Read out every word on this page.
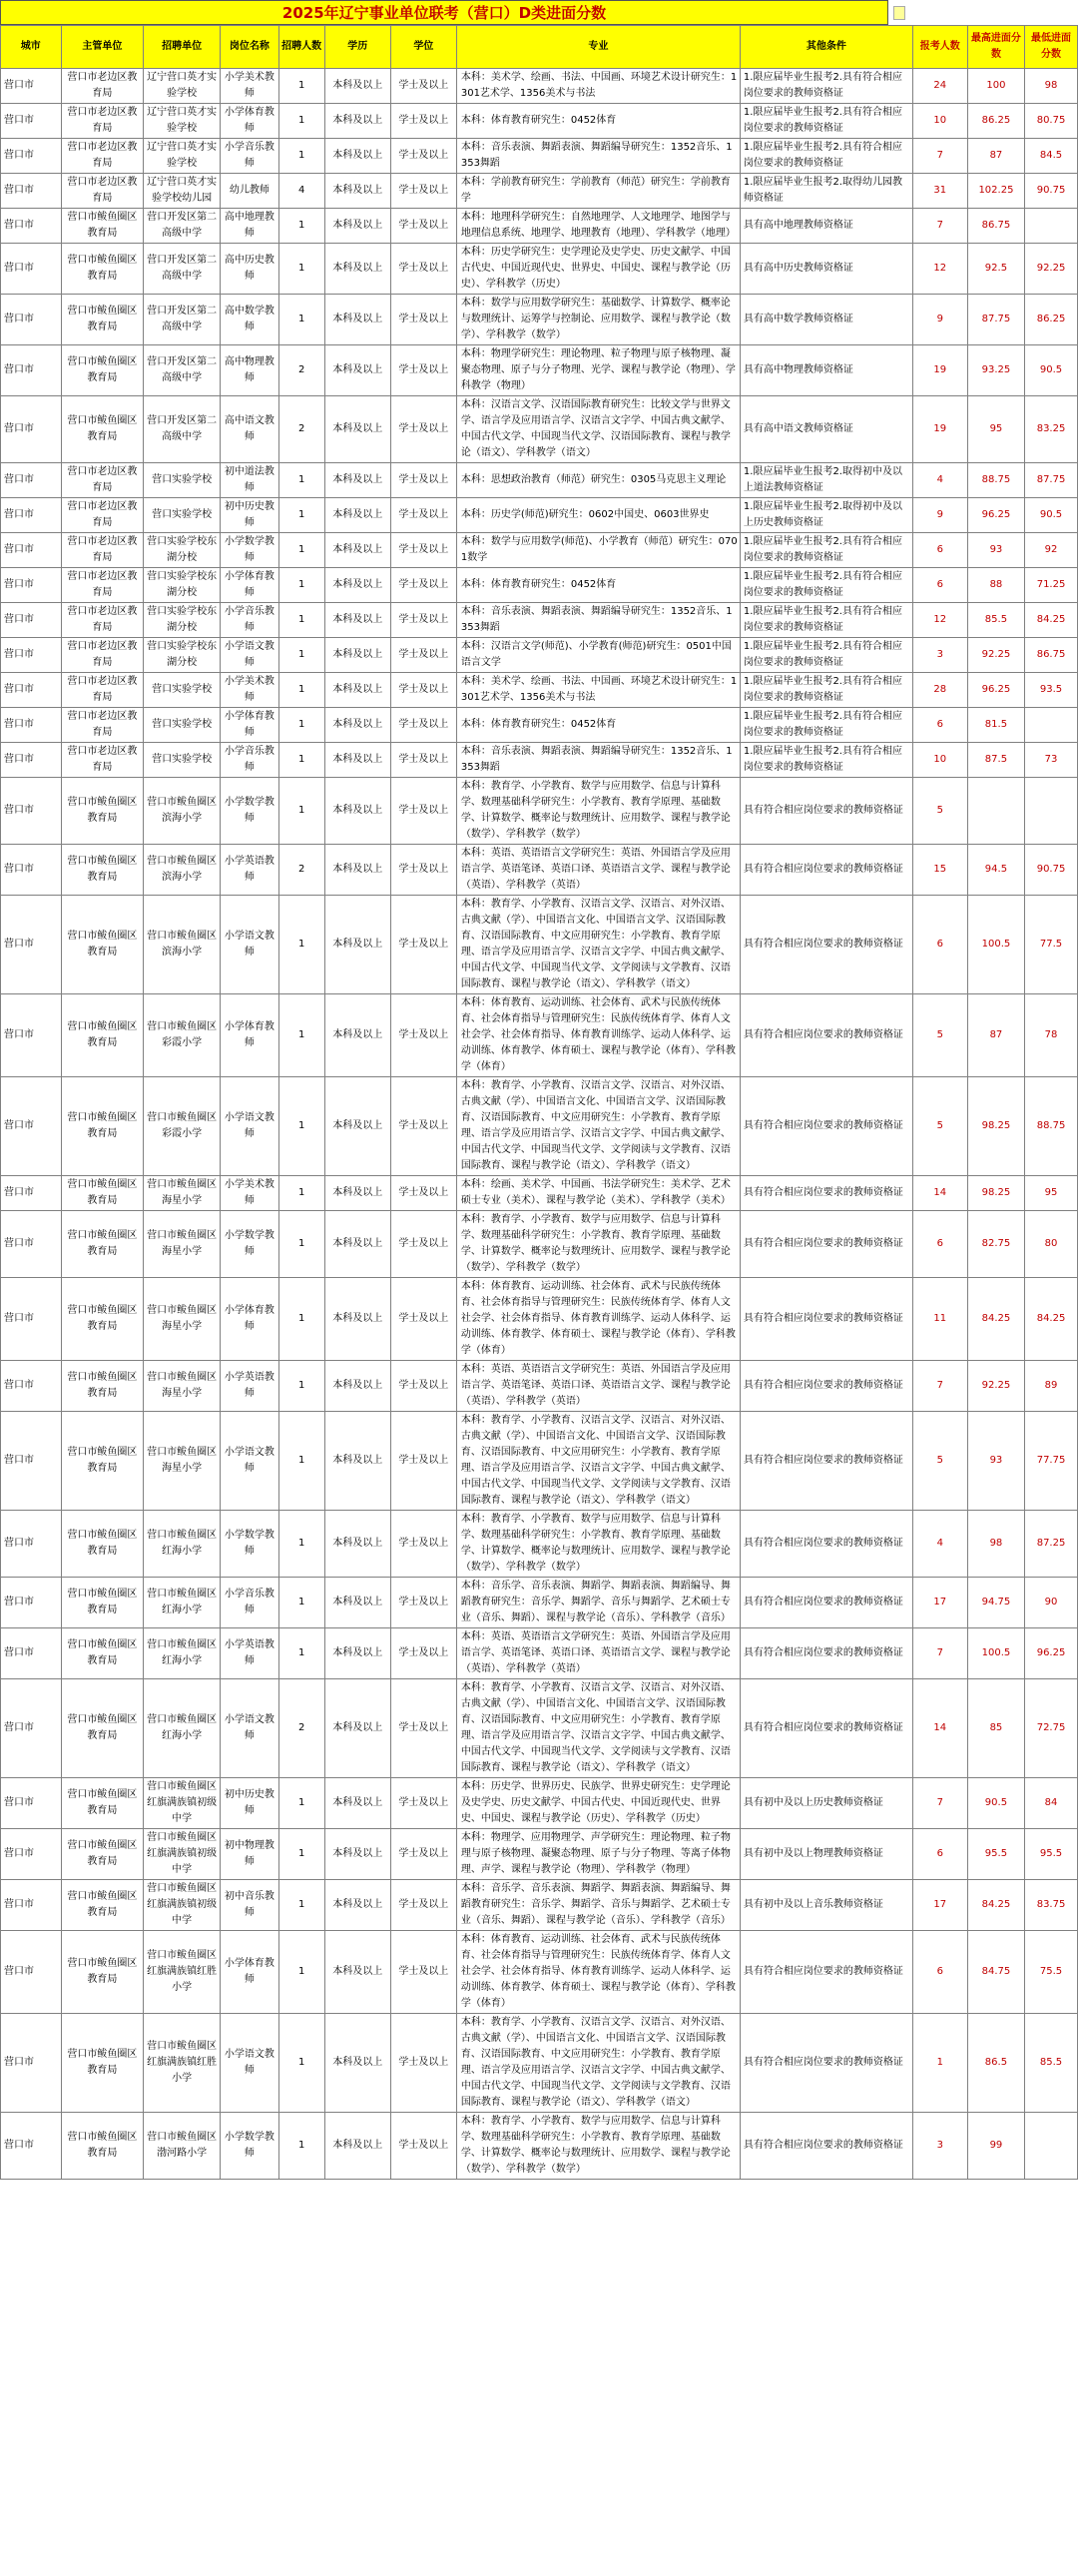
2025年辽宁事业单位联考（营口）D类进面分数
城市	主管单位	招聘单位	岗位名称	招聘人数	学历	学位	专业	其他条件	报考人数	最高进面分数	最低进面分数
营口市	营口市老边区教育局	辽宁营口英才实验学校	小学美术教师	1	本科及以上	学士及以上	本科：美术学、绘画、书法、中国画、环境艺术设计研究生：1301艺术学、1356美术与书法	1.限应届毕业生报考2.具有符合相应岗位要求的教师资格证	24	100	98
营口市	营口市老边区教育局	辽宁营口英才实验学校	小学体育教师	1	本科及以上	学士及以上	本科：体育教育研究生：0452体育	1.限应届毕业生报考2.具有符合相应岗位要求的教师资格证	10	86.25	80.75
营口市	营口市老边区教育局	辽宁营口英才实验学校	小学音乐教师	1	本科及以上	学士及以上	本科：音乐表演、舞蹈表演、舞蹈编导研究生：1352音乐、1353舞蹈	1.限应届毕业生报考2.具有符合相应岗位要求的教师资格证	7	87	84.5
营口市	营口市老边区教育局	辽宁营口英才实验学校幼儿园	幼儿教师	4	本科及以上	学士及以上	本科：学前教育研究生：学前教育（师范）研究生：学前教育学	1.限应届毕业生报考2.取得幼儿园教师资格证	31	102.25	90.75
营口市	营口市鲅鱼圈区教育局	营口开发区第二高级中学	高中地理教师	1	本科及以上	学士及以上	本科：地理科学研究生：自然地理学、人文地理学、地图学与地理信息系统、地理学、地理教育（地理）、学科教学（地理）	具有高中地理教师资格证	7	86.75	
营口市	营口市鲅鱼圈区教育局	营口开发区第二高级中学	高中历史教师	1	本科及以上	学士及以上	本科：历史学研究生：史学理论及史学史、历史文献学、中国古代史、中国近现代史、世界史、中国史、课程与教学论（历史）、学科教学（历史）	具有高中历史教师资格证	12	92.5	92.25
营口市	营口市鲅鱼圈区教育局	营口开发区第二高级中学	高中数学教师	1	本科及以上	学士及以上	本科：数学与应用数学研究生：基础数学、计算数学、概率论与数理统计、运筹学与控制论、应用数学、课程与教学论（数学）、学科教学（数学）	具有高中数学教师资格证	9	87.75	86.25
营口市	营口市鲅鱼圈区教育局	营口开发区第二高级中学	高中物理教师	2	本科及以上	学士及以上	本科：物理学研究生：理论物理、粒子物理与原子核物理、凝聚态物理、原子与分子物理、光学、课程与教学论（物理）、学科教学（物理）	具有高中物理教师资格证	19	93.25	90.5
营口市	营口市鲅鱼圈区教育局	营口开发区第二高级中学	高中语文教师	2	本科及以上	学士及以上	本科：汉语言文学、汉语国际教育研究生：比较文学与世界文学、语言学及应用语言学、汉语言文字学、中国古典文献学、中国古代文学、中国现当代文学、汉语国际教育、课程与教学论（语文）、学科教学（语文）	具有高中语文教师资格证	19	95	83.25
营口市	营口市老边区教育局	营口实验学校	初中道法教师	1	本科及以上	学士及以上	本科：思想政治教育（师范）研究生：0305马克思主义理论	1.限应届毕业生报考2.取得初中及以上道法教师资格证	4	88.75	87.75
营口市	营口市老边区教育局	营口实验学校	初中历史教师	1	本科及以上	学士及以上	本科：历史学(师范)研究生：0602中国史、0603世界史	1.限应届毕业生报考2.取得初中及以上历史教师资格证	9	96.25	90.5
营口市	营口市老边区教育局	营口实验学校东湖分校	小学数学教师	1	本科及以上	学士及以上	本科：数学与应用数学(师范)、小学教育（师范）研究生：0701数学	1.限应届毕业生报考2.具有符合相应岗位要求的教师资格证	6	93	92
营口市	营口市老边区教育局	营口实验学校东湖分校	小学体育教师	1	本科及以上	学士及以上	本科：体育教育研究生：0452体育	1.限应届毕业生报考2.具有符合相应岗位要求的教师资格证	6	88	71.25
营口市	营口市老边区教育局	营口实验学校东湖分校	小学音乐教师	1	本科及以上	学士及以上	本科：音乐表演、舞蹈表演、舞蹈编导研究生：1352音乐、1353舞蹈	1.限应届毕业生报考2.具有符合相应岗位要求的教师资格证	12	85.5	84.25
营口市	营口市老边区教育局	营口实验学校东湖分校	小学语文教师	1	本科及以上	学士及以上	本科：汉语言文学(师范)、小学教育(师范)研究生：0501中国语言文学	1.限应届毕业生报考2.具有符合相应岗位要求的教师资格证	3	92.25	86.75
营口市	营口市老边区教育局	营口实验学校	小学美术教师	1	本科及以上	学士及以上	本科：美术学、绘画、书法、中国画、环境艺术设计研究生：1301艺术学、1356美术与书法	1.限应届毕业生报考2.具有符合相应岗位要求的教师资格证	28	96.25	93.5
营口市	营口市老边区教育局	营口实验学校	小学体育教师	1	本科及以上	学士及以上	本科：体育教育研究生：0452体育	1.限应届毕业生报考2.具有符合相应岗位要求的教师资格证	6	81.5	
营口市	营口市老边区教育局	营口实验学校	小学音乐教师	1	本科及以上	学士及以上	本科：音乐表演、舞蹈表演、舞蹈编导研究生：1352音乐、1353舞蹈	1.限应届毕业生报考2.具有符合相应岗位要求的教师资格证	10	87.5	73
营口市	营口市鲅鱼圈区教育局	营口市鲅鱼圈区滨海小学	小学数学教师	1	本科及以上	学士及以上	本科：教育学、小学教育、数学与应用数学、信息与计算科学、数理基础科学研究生：小学教育、教育学原理、基础数学、计算数学、概率论与数理统计、应用数学、课程与教学论（数学）、学科教学（数学）	具有符合相应岗位要求的教师资格证	5		
营口市	营口市鲅鱼圈区教育局	营口市鲅鱼圈区滨海小学	小学英语教师	2	本科及以上	学士及以上	本科：英语、英语语言文学研究生：英语、外国语言学及应用语言学、英语笔译、英语口译、英语语言文学、课程与教学论（英语）、学科教学（英语）	具有符合相应岗位要求的教师资格证	15	94.5	90.75
营口市	营口市鲅鱼圈区教育局	营口市鲅鱼圈区滨海小学	小学语文教师	1	本科及以上	学士及以上	本科：教育学、小学教育、汉语言文学、汉语言、对外汉语、古典文献（学）、中国语言文化、中国语言文学、汉语国际教育、汉语国际教育、中文应用研究生：小学教育、教育学原理、语言学及应用语言学、汉语言文字学、中国古典文献学、中国古代文学、中国现当代文学、文学阅读与文学教育、汉语国际教育、课程与教学论（语文）、学科教学（语文）	具有符合相应岗位要求的教师资格证	6	100.5	77.5
营口市	营口市鲅鱼圈区教育局	营口市鲅鱼圈区彩霞小学	小学体育教师	1	本科及以上	学士及以上	本科：体育教育、运动训练、社会体育、武术与民族传统体育、社会体育指导与管理研究生：民族传统体育学、体育人文社会学、社会体育指导、体育教育训练学、运动人体科学、运动训练、体育教学、体育硕士、课程与教学论（体育）、学科教学（体育）	具有符合相应岗位要求的教师资格证	5	87	78
营口市	营口市鲅鱼圈区教育局	营口市鲅鱼圈区彩霞小学	小学语文教师	1	本科及以上	学士及以上	本科：教育学、小学教育、汉语言文学、汉语言、对外汉语、古典文献（学）、中国语言文化、中国语言文学、汉语国际教育、汉语国际教育、中文应用研究生：小学教育、教育学原理、语言学及应用语言学、汉语言文字学、中国古典文献学、中国古代文学、中国现当代文学、文学阅读与文学教育、汉语国际教育、课程与教学论（语文）、学科教学（语文）	具有符合相应岗位要求的教师资格证	5	98.25	88.75
营口市	营口市鲅鱼圈区教育局	营口市鲅鱼圈区海星小学	小学美术教师	1	本科及以上	学士及以上	本科：绘画、美术学、中国画、书法学研究生：美术学、艺术硕士专业（美术）、课程与教学论（美术）、学科教学（美术）	具有符合相应岗位要求的教师资格证	14	98.25	95
营口市	营口市鲅鱼圈区教育局	营口市鲅鱼圈区海星小学	小学数学教师	1	本科及以上	学士及以上	本科：教育学、小学教育、数学与应用数学、信息与计算科学、数理基础科学研究生：小学教育、教育学原理、基础数学、计算数学、概率论与数理统计、应用数学、课程与教学论（数学）、学科教学（数学）	具有符合相应岗位要求的教师资格证	6	82.75	80
营口市	营口市鲅鱼圈区教育局	营口市鲅鱼圈区海星小学	小学体育教师	1	本科及以上	学士及以上	本科：体育教育、运动训练、社会体育、武术与民族传统体育、社会体育指导与管理研究生：民族传统体育学、体育人文社会学、社会体育指导、体育教育训练学、运动人体科学、运动训练、体育教学、体育硕士、课程与教学论（体育）、学科教学（体育）	具有符合相应岗位要求的教师资格证	11	84.25	84.25
营口市	营口市鲅鱼圈区教育局	营口市鲅鱼圈区海星小学	小学英语教师	1	本科及以上	学士及以上	本科：英语、英语语言文学研究生：英语、外国语言学及应用语言学、英语笔译、英语口译、英语语言文学、课程与教学论（英语）、学科教学（英语）	具有符合相应岗位要求的教师资格证	7	92.25	89
营口市	营口市鲅鱼圈区教育局	营口市鲅鱼圈区海星小学	小学语文教师	1	本科及以上	学士及以上	本科：教育学、小学教育、汉语言文学、汉语言、对外汉语、古典文献（学）、中国语言文化、中国语言文学、汉语国际教育、汉语国际教育、中文应用研究生：小学教育、教育学原理、语言学及应用语言学、汉语言文字学、中国古典文献学、中国古代文学、中国现当代文学、文学阅读与文学教育、汉语国际教育、课程与教学论（语文）、学科教学（语文）	具有符合相应岗位要求的教师资格证	5	93	77.75
营口市	营口市鲅鱼圈区教育局	营口市鲅鱼圈区红海小学	小学数学教师	1	本科及以上	学士及以上	本科：教育学、小学教育、数学与应用数学、信息与计算科学、数理基础科学研究生：小学教育、教育学原理、基础数学、计算数学、概率论与数理统计、应用数学、课程与教学论（数学）、学科教学（数学）	具有符合相应岗位要求的教师资格证	4	98	87.25
营口市	营口市鲅鱼圈区教育局	营口市鲅鱼圈区红海小学	小学音乐教师	1	本科及以上	学士及以上	本科：音乐学、音乐表演、舞蹈学、舞蹈表演、舞蹈编导、舞蹈教育研究生：音乐学、舞蹈学、音乐与舞蹈学、艺术硕士专业（音乐、舞蹈）、课程与教学论（音乐）、学科教学（音乐）	具有符合相应岗位要求的教师资格证	17	94.75	90
营口市	营口市鲅鱼圈区教育局	营口市鲅鱼圈区红海小学	小学英语教师	1	本科及以上	学士及以上	本科：英语、英语语言文学研究生：英语、外国语言学及应用语言学、英语笔译、英语口译、英语语言文学、课程与教学论（英语）、学科教学（英语）	具有符合相应岗位要求的教师资格证	7	100.5	96.25
营口市	营口市鲅鱼圈区教育局	营口市鲅鱼圈区红海小学	小学语文教师	2	本科及以上	学士及以上	本科：教育学、小学教育、汉语言文学、汉语言、对外汉语、古典文献（学）、中国语言文化、中国语言文学、汉语国际教育、汉语国际教育、中文应用研究生：小学教育、教育学原理、语言学及应用语言学、汉语言文字学、中国古典文献学、中国古代文学、中国现当代文学、文学阅读与文学教育、汉语国际教育、课程与教学论（语文）、学科教学（语文）	具有符合相应岗位要求的教师资格证	14	85	72.75
营口市	营口市鲅鱼圈区教育局	营口市鲅鱼圈区红旗满族镇初级中学	初中历史教师	1	本科及以上	学士及以上	本科：历史学、世界历史、民族学、世界史研究生：史学理论及史学史、历史文献学、中国古代史、中国近现代史、世界史、中国史、课程与教学论（历史）、学科教学（历史）	具有初中及以上历史教师资格证	7	90.5	84
营口市	营口市鲅鱼圈区教育局	营口市鲅鱼圈区红旗满族镇初级中学	初中物理教师	1	本科及以上	学士及以上	本科：物理学、应用物理学、声学研究生：理论物理、粒子物理与原子核物理、凝聚态物理、原子与分子物理、等离子体物理、声学、课程与教学论（物理）、学科教学（物理）	具有初中及以上物理教师资格证	6	95.5	95.5
营口市	营口市鲅鱼圈区教育局	营口市鲅鱼圈区红旗满族镇初级中学	初中音乐教师	1	本科及以上	学士及以上	本科：音乐学、音乐表演、舞蹈学、舞蹈表演、舞蹈编导、舞蹈教育研究生：音乐学、舞蹈学、音乐与舞蹈学、艺术硕士专业（音乐、舞蹈）、课程与教学论（音乐）、学科教学（音乐）	具有初中及以上音乐教师资格证	17	84.25	83.75
营口市	营口市鲅鱼圈区教育局	营口市鲅鱼圈区红旗满族镇红胜小学	小学体育教师	1	本科及以上	学士及以上	本科：体育教育、运动训练、社会体育、武术与民族传统体育、社会体育指导与管理研究生：民族传统体育学、体育人文社会学、社会体育指导、体育教育训练学、运动人体科学、运动训练、体育教学、体育硕士、课程与教学论（体育）、学科教学（体育）	具有符合相应岗位要求的教师资格证	6	84.75	75.5
营口市	营口市鲅鱼圈区教育局	营口市鲅鱼圈区红旗满族镇红胜小学	小学语文教师	1	本科及以上	学士及以上	本科：教育学、小学教育、汉语言文学、汉语言、对外汉语、古典文献（学）、中国语言文化、中国语言文学、汉语国际教育、汉语国际教育、中文应用研究生：小学教育、教育学原理、语言学及应用语言学、汉语言文字学、中国古典文献学、中国古代文学、中国现当代文学、文学阅读与文学教育、汉语国际教育、课程与教学论（语文）、学科教学（语文）	具有符合相应岗位要求的教师资格证	1	86.5	85.5
营口市	营口市鲅鱼圈区教育局	营口市鲅鱼圈区渤河路小学	小学数学教师	1	本科及以上	学士及以上	本科：教育学、小学教育、数学与应用数学、信息与计算科学、数理基础科学研究生：小学教育、教育学原理、基础数学、计算数学、概率论与数理统计、应用数学、课程与教学论（数学）、学科教学（数学）	具有符合相应岗位要求的教师资格证	3	99	
